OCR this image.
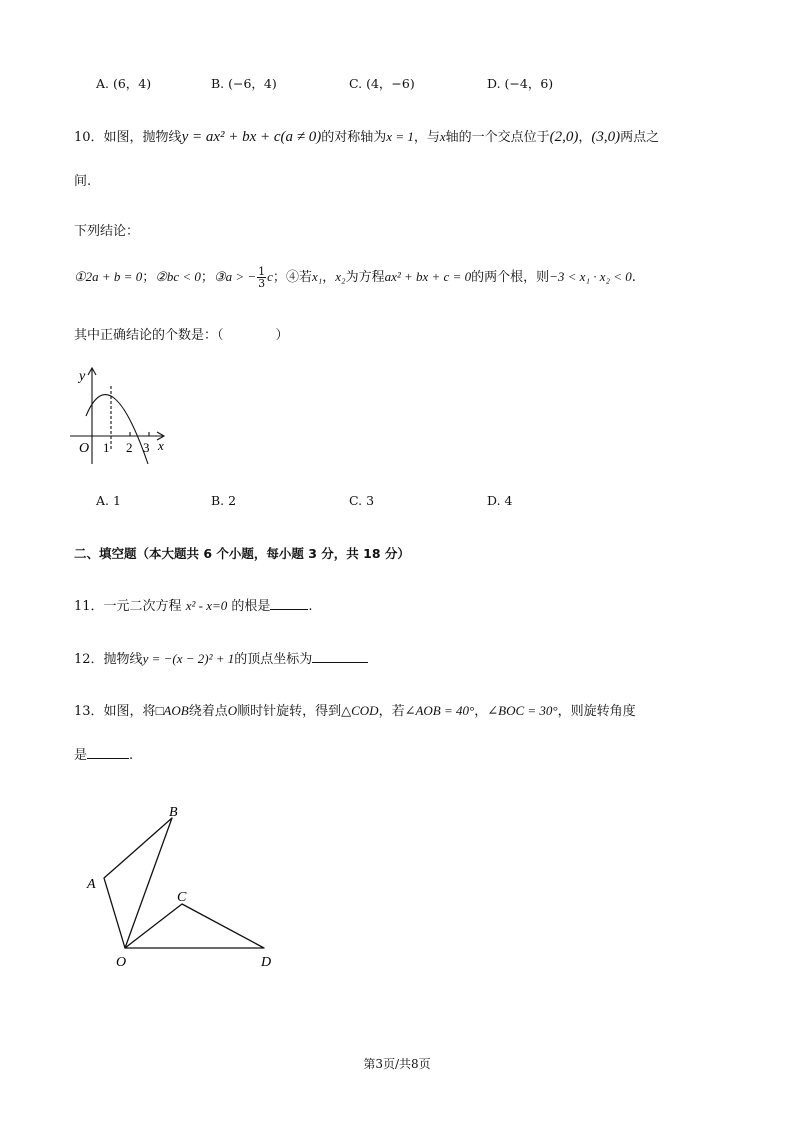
A. (6，4)	B. (−6，4)	C. (4，−6)	D. (−4，6)
10．如图，抛物线y = ax² + bx + c(a ≠ 0)的对称轴为x = 1，与x轴的一个交点位于(2,0)，(3,0)两点之
间.
下列结论：
①2a + b = 0；②bc < 0；③a > − $\frac{1}{3}$ c；④若x₁，x₂为方程ax² + bx + c = 0的两个根，则−3 < x₁ · x₂ < 0.
其中正确结论的个数是：（　　　　）
y
O 1 2 3 x
A. 1	B. 2	C. 3	D. 4
二、填空题（本大题共 6 个小题，每小题 3 分，共 18 分）
11．一元二次方程 x² - x=0 的根是	.
12．抛物线y = −(x − 2)² + 1的顶点坐标为
13．如图，将□AOB绕着点O顺时针旋转，得到△COD，若∠AOB = 40°，∠BOC = 30°，则旋转角度
是	.
B
A
C
O	D
第3页/共8页
